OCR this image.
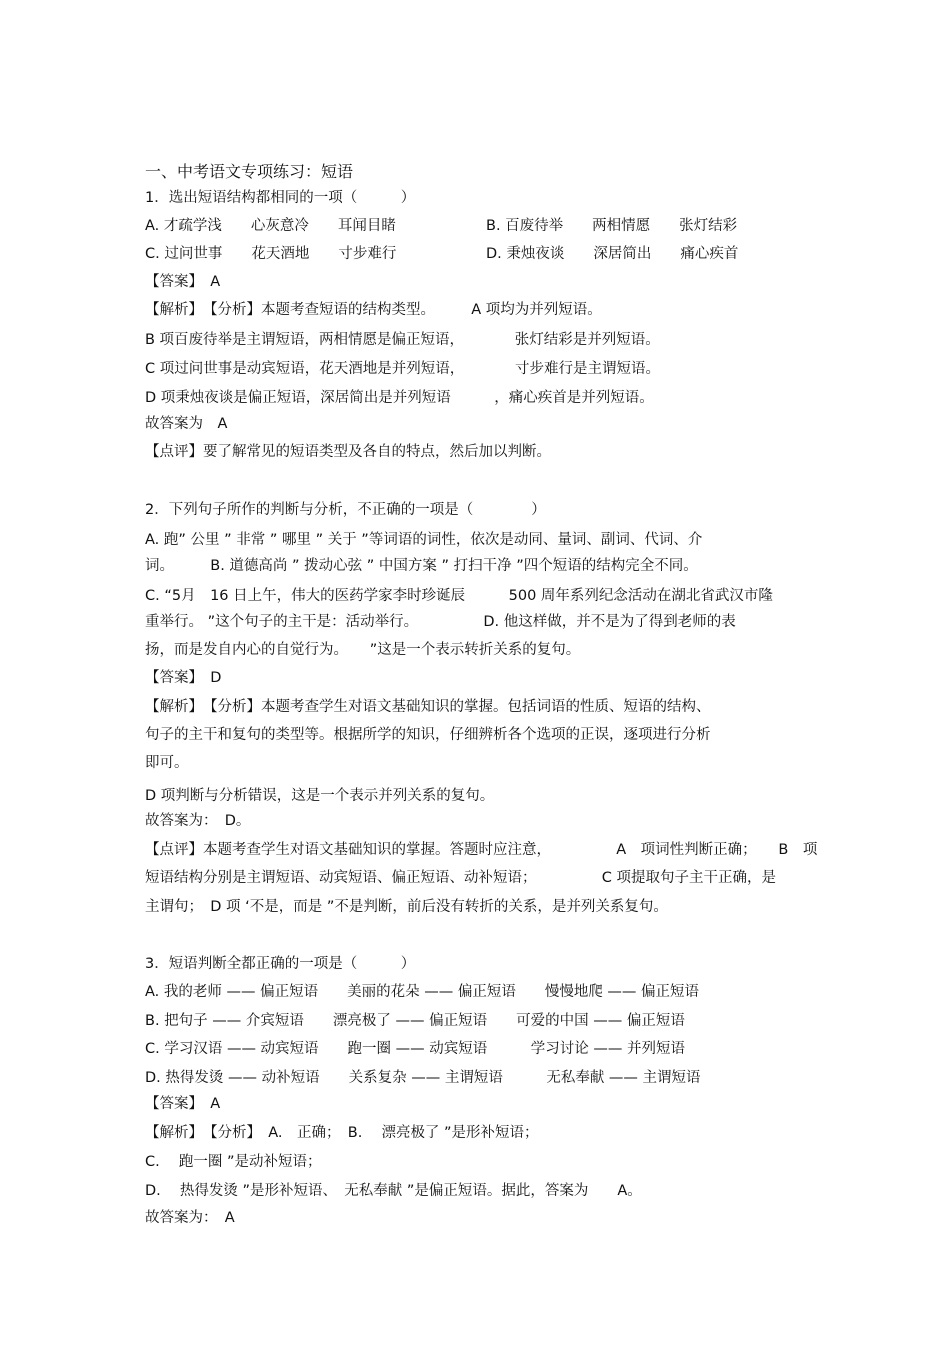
一、中考语文专项练习：短语
1．选出短语结构都相同的一项（　　　）
A. 才疏学浅　　心灰意冷　　耳闻目睹	B. 百废待举　　两相情愿　　张灯结彩
C. 过问世事　　花天酒地　　寸步难行	D. 秉烛夜谈　　深居简出　　痛心疾首
【答案】　A
【解析】　【分析】本题考查短语的结构类型。　　　A 项均为并列短语。
B 项百废待举是主谓短语，两相情愿是偏正短语，　　　　张灯结彩是并列短语。
C 项过问世事是动宾短语，花天酒地是并列短语，　　　　寸步难行是主谓短语。
D 项秉烛夜谈是偏正短语，深居简出是并列短语　　　，痛心疾首是并列短语。
故答案为　A
【点评】要了解常见的短语类型及各自的特点，然后加以判断。
2．下列句子所作的判断与分析，不正确的一项是（　　　　）
A. 跑” 公里 ” 非常 ” 哪里 ” 关于 ”等词语的词性，依次是动同、量词、副词、代词、介
词。　　　B. 道德高尚 ” 拨动心弦 ” 中国方案 ” 打扫干净 ”四个短语的结构完全不同。
C. “5月　16 日上午，伟大的医药学家李时珍诞辰　　　500 周年系列纪念活动在湖北省武汉市隆
重举行。 ”这个句子的主干是：活动举行。　　　　　D. 他这样做，并不是为了得到老师的表
扬，而是发自内心的自觉行为。　　”这是一个表示转折关系的复句。
【答案】　D
【解析】　【分析】本题考查学生对语文基础知识的掌握。包括词语的性质、短语的结构、
句子的主干和复句的类型等。根据所学的知识，仔细辨析各个选项的正误，逐项进行分析
即可。
D 项判断与分析错误，这是一个表示并列关系的复句。
故答案为：　D。
【点评】本题考查学生对语文基础知识的掌握。答题时应注意，　　　　　A　项词性判断正确；　　B　项
短语结构分别是主谓短语、动宾短语、偏正短语、动补短语；　　　　　C 项提取句子主干正确，是
主谓句；　D 项 ‘不是，而是 ”不是判断，前后没有转折的关系，是并列关系复句。
3．短语判断全都正确的一项是（　　　）
A. 我的老师 —— 偏正短语　　美丽的花朵 —— 偏正短语　　慢慢地爬 —— 偏正短语
B. 把句子 —— 介宾短语　　漂亮极了 —— 偏正短语　　可爱的中国 —— 偏正短语
C. 学习汉语 —— 动宾短语　　跑一圈 —— 动宾短语　　　学习讨论 —— 并列短语
D. 热得发烫 —— 动补短语　　关系复杂 —— 主谓短语　　　无私奉献 —— 主谓短语
【答案】　A
【解析】　【分析】　A.　正确；　B.　 漂亮极了 ”是形补短语；
C.　 跑一圈 ”是动补短语；
D.　 热得发烫 ”是形补短语、　无私奉献 ”是偏正短语。据此，答案为　　A。
故答案为：　A
